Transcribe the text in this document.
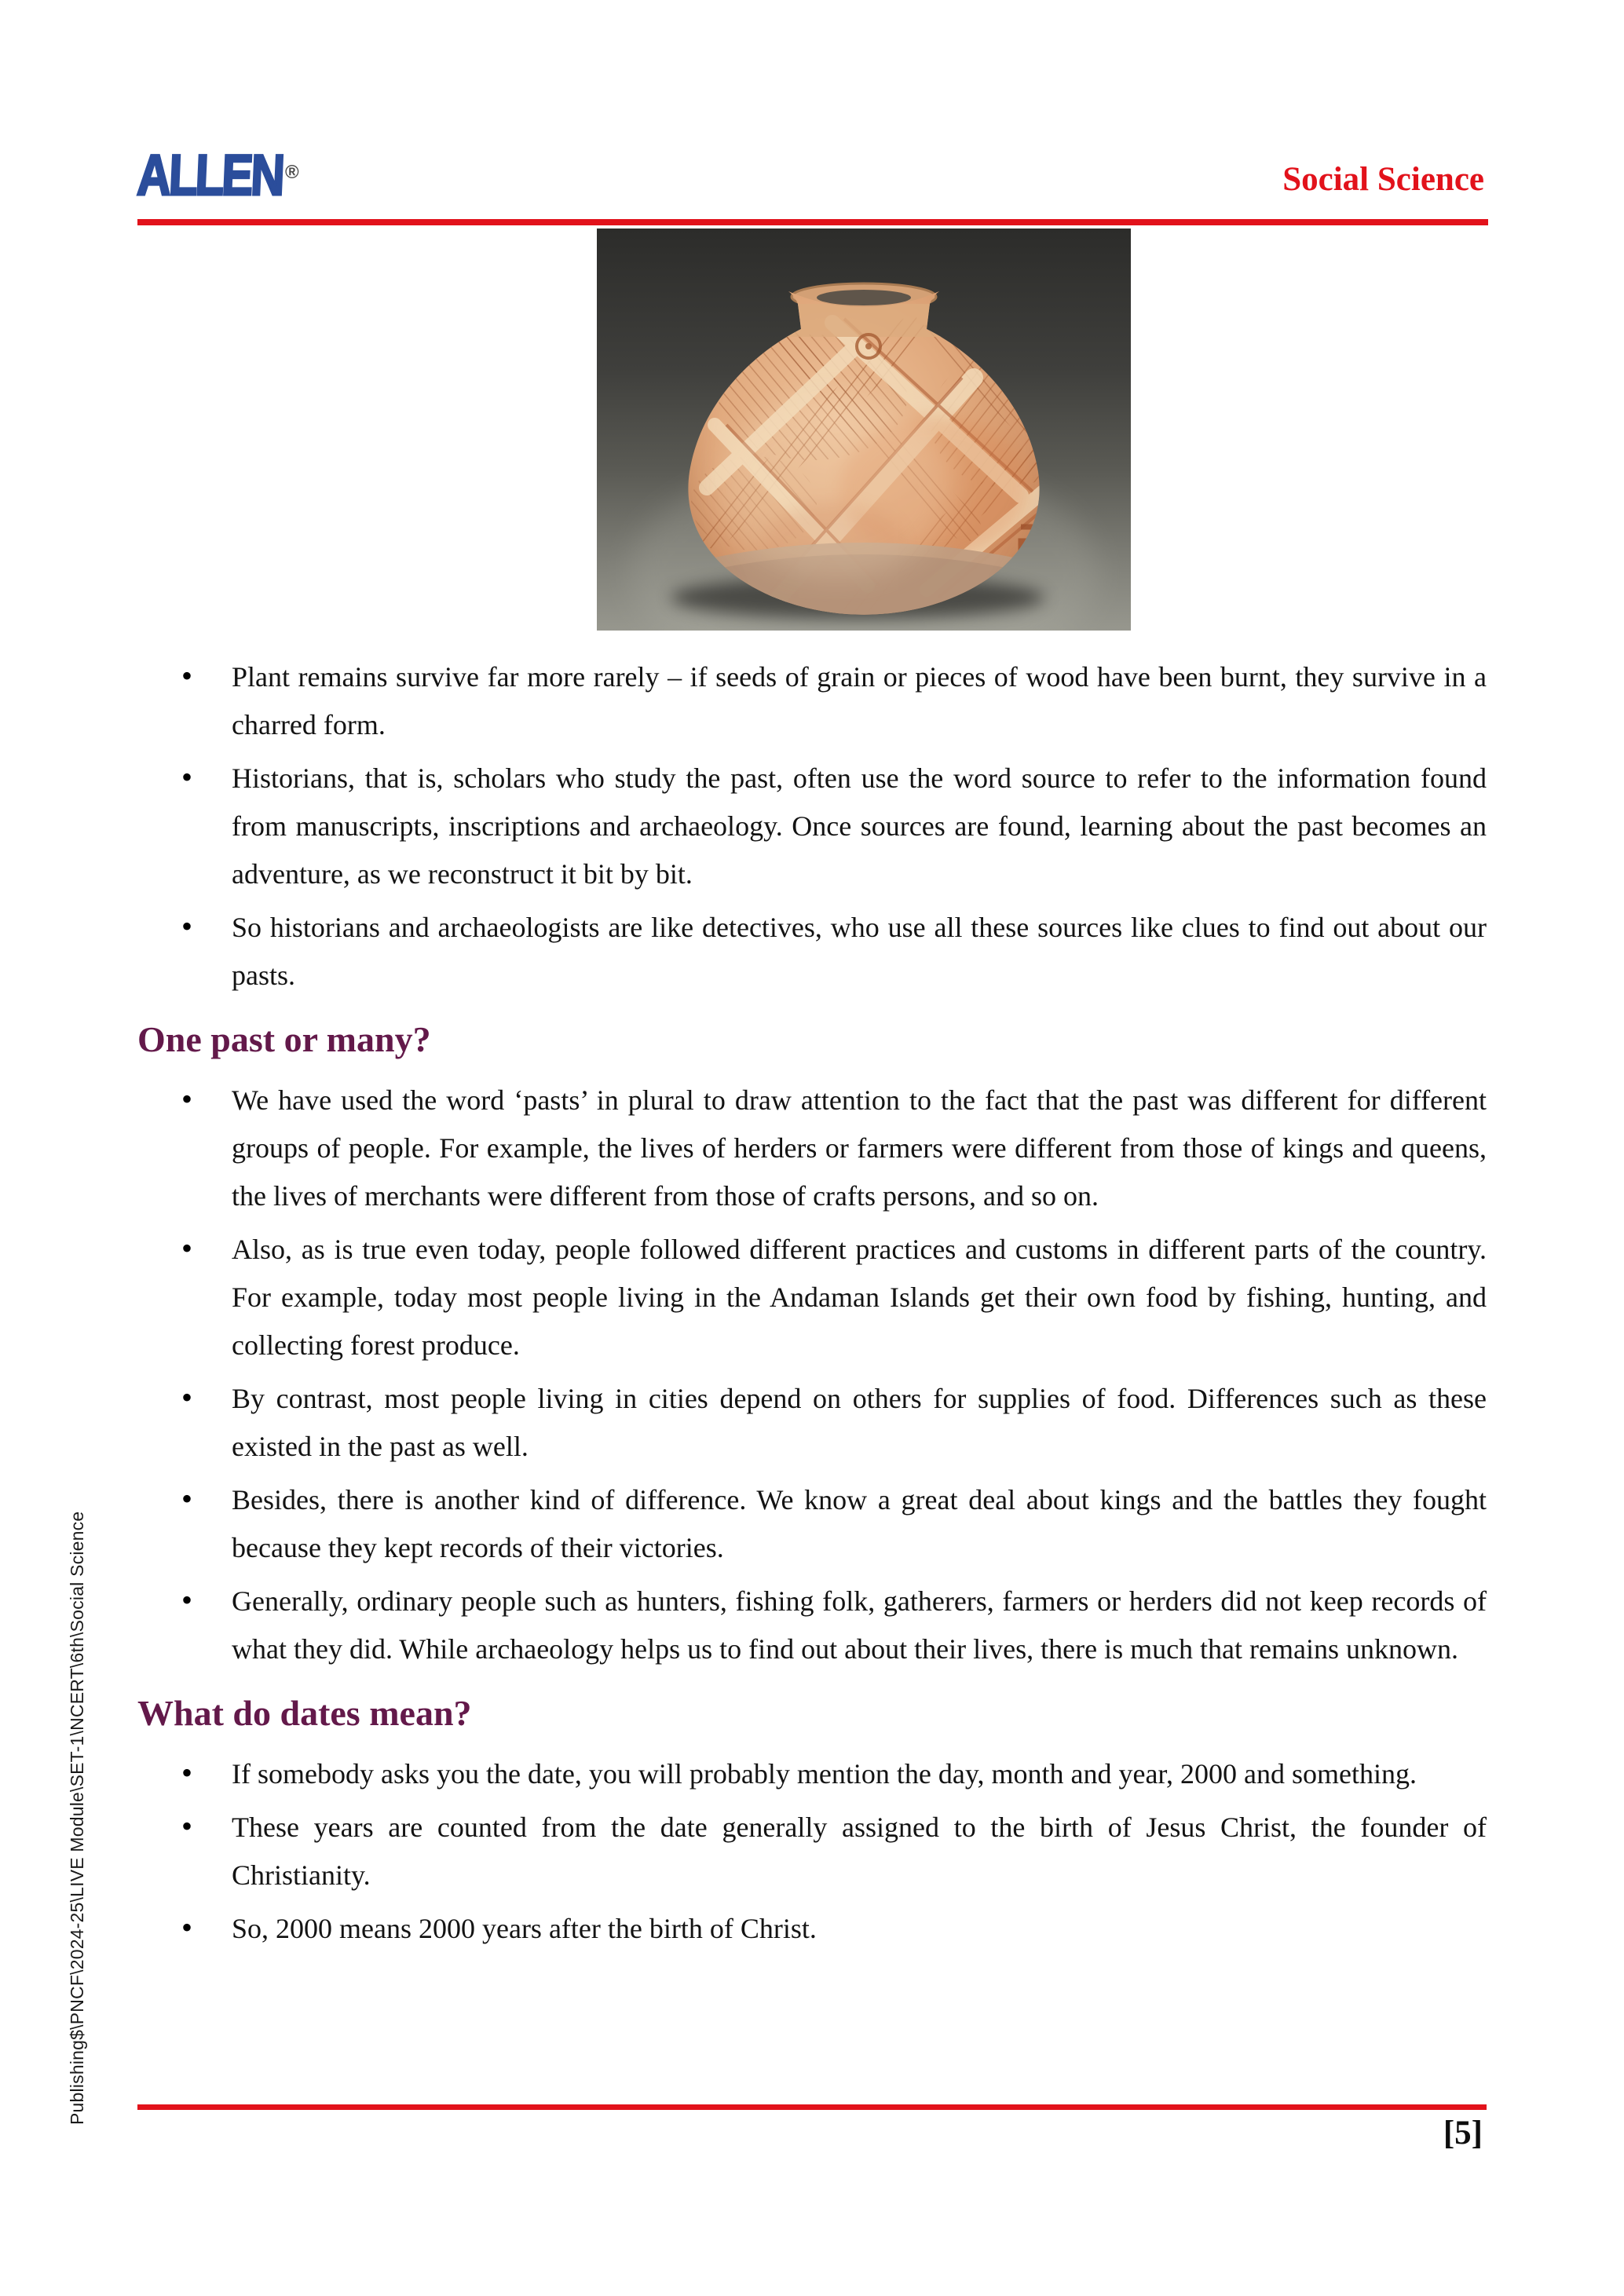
ALLEN®	Social Science
• Plant remains survive far more rarely – if seeds of grain or pieces of wood have been burnt, they survive in a charred form.
• Historians, that is, scholars who study the past, often use the word source to refer to the information found from manuscripts, inscriptions and archaeology. Once sources are found, learning about the past becomes an adventure, as we reconstruct it bit by bit.
• So historians and archaeologists are like detectives, who use all these sources like clues to find out about our pasts.
One past or many?
• We have used the word ‘pasts’ in plural to draw attention to the fact that the past was different for different groups of people. For example, the lives of herders or farmers were different from those of kings and queens, the lives of merchants were different from those of crafts persons, and so on.
• Also, as is true even today, people followed different practices and customs in different parts of the country. For example, today most people living in the Andaman Islands get their own food by fishing, hunting, and collecting forest produce.
• By contrast, most people living in cities depend on others for supplies of food. Differences such as these existed in the past as well.
• Besides, there is another kind of difference. We know a great deal about kings and the battles they fought because they kept records of their victories.
• Generally, ordinary people such as hunters, fishing folk, gatherers, farmers or herders did not keep records of what they did. While archaeology helps us to find out about their lives, there is much that remains unknown.
What do dates mean?
• If somebody asks you the date, you will probably mention the day, month and year, 2000 and something.
• These years are counted from the date generally assigned to the birth of Jesus Christ, the founder of Christianity.
• So, 2000 means 2000 years after the birth of Christ.
Publishing$\PNCF\2024-25\LIVE Module\SET-1\NCERT\6th\Social Science
[5]
